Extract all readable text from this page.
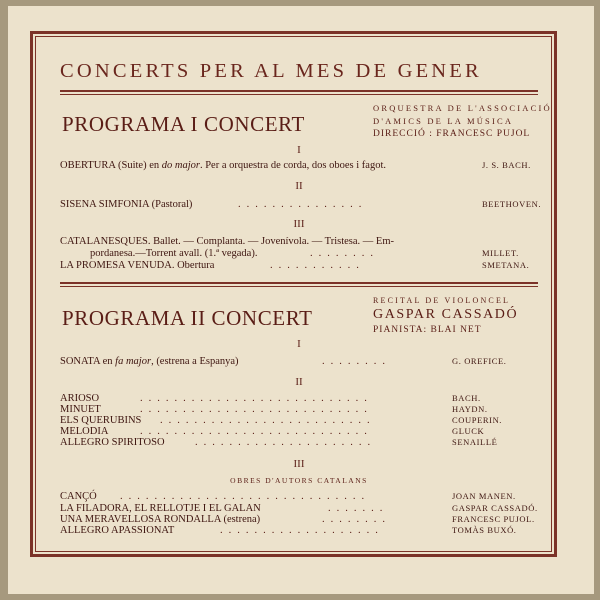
CONCERTS PER AL MES DE GENER
PROGRAMA I CONCERT
ORQUESTRA DE L'ASSOCIACIÓ
D'AMICS DE LA MÚSICA
DIRECCIÓ : FRANCESC PUJOL
I
OBERTURA (Suite) en do major. Per a orquestra de corda, dos oboes i fagot.	J. S. BACH.
II
SISENA SIMFONIA (Pastoral)	...............	BEETHOVEN.
III
CATALANESQUES. Ballet. — Complanta. — Jovenívola. — Tristesa. — Em-
pordanesa.—Torrent avall. (1.ª vegada).	........	MILLET.
LA PROMESA VENUDA. Obertura	...........	SMETANA.
PROGRAMA II CONCERT
RECITAL DE VIOLONCEL
GASPAR CASSADÓ
PIANISTA: BLAI NET
I
SONATA en fa major, (estrena a Espanya)	........	G. OREFICE.
II
ARIOSO	...........................	BACH.
MINUET	...........................	HAYDN.
ELS QUERUBINS .........................	COUPERIN.
MELODIA	...........................	GLUCK
ALLEGRO SPIRITOSO	.....................	SENAILLÉ
III
OBRES D'AUTORS CATALANS
CANÇÓ .............................	JOAN MANEN.
LA FILADORA, EL RELLOTJE I EL GALAN	.......	GASPAR CASSADÓ.
UNA MERAVELLOSA RONDALLA (estrena)	........	FRANCESC PUJOL.
ALLEGRO APASSIONAT	...................	TOMÀS BUXÓ.
